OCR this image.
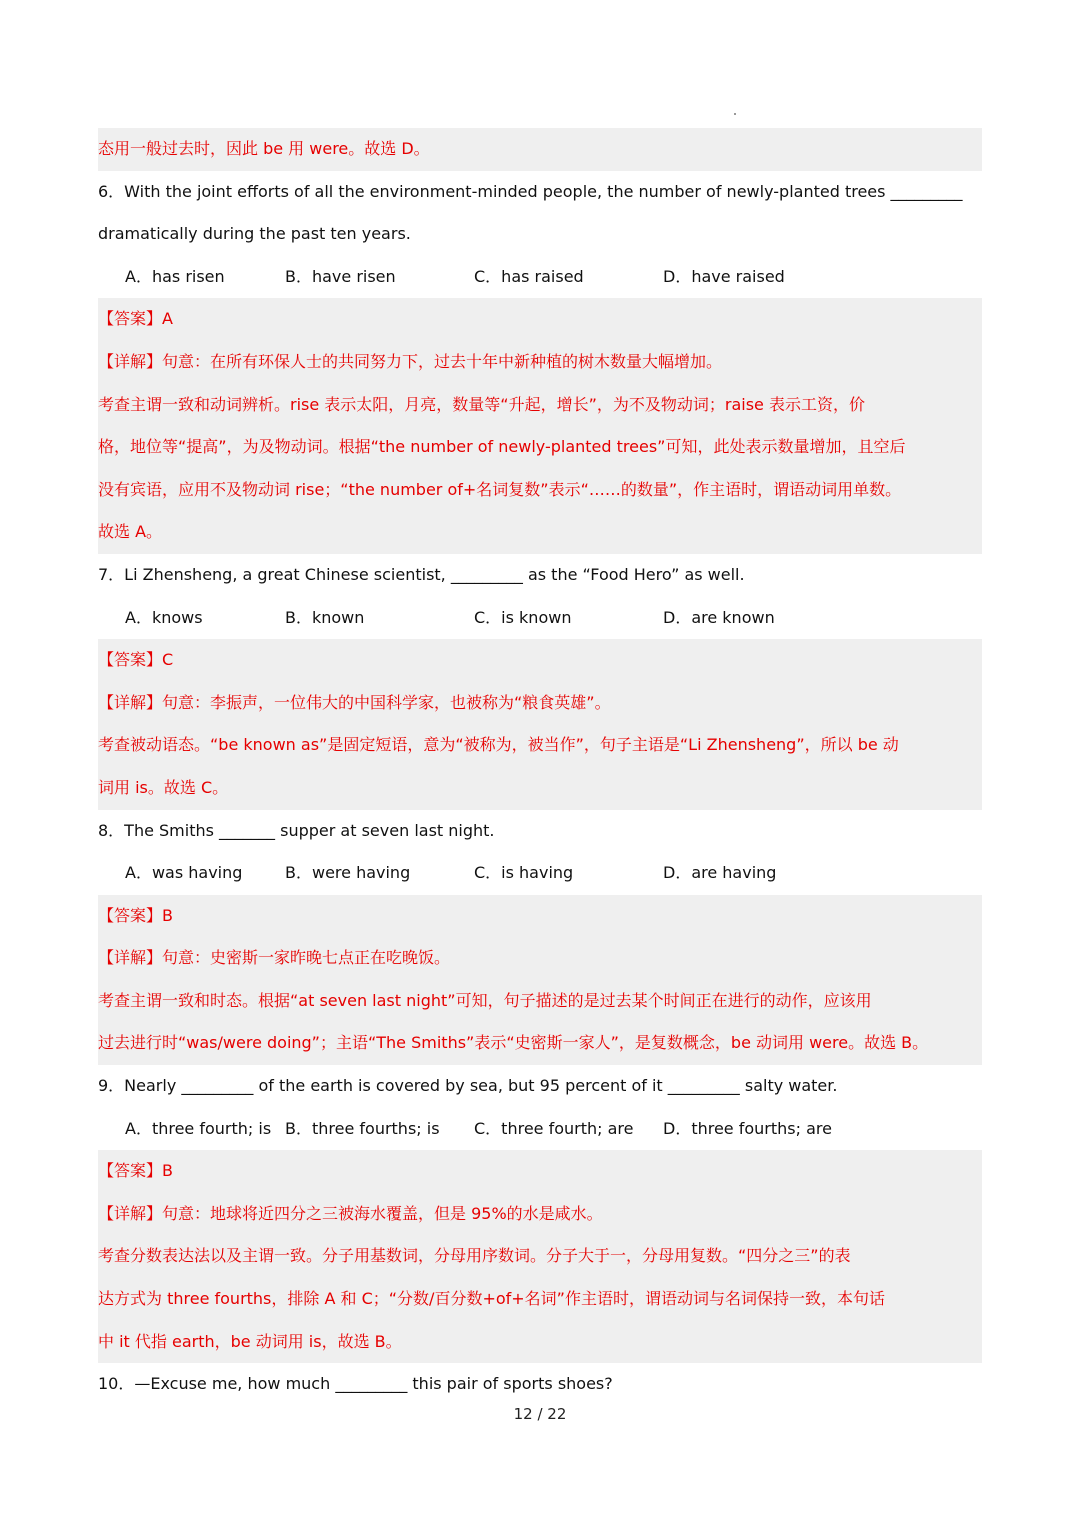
态用一般过去时，因此 be 用 were。故选 D。
6．With the joint efforts of all the environment-minded people, the number of newly-planted trees _________
dramatically during the past ten years.
A．has risen	B．have risen	C．has raised	D．have raised
【答案】A
【详解】句意：在所有环保人士的共同努力下，过去十年中新种植的树木数量大幅增加。
考查主谓一致和动词辨析。rise 表示太阳，月亮，数量等“升起，增长”，为不及物动词；raise 表示工资，价
格，地位等“提高”，为及物动词。根据“the number of newly-planted trees”可知，此处表示数量增加，且空后
没有宾语，应用不及物动词 rise；“the number of+名词复数”表示“……的数量”，作主语时，谓语动词用单数。
故选 A。
7．Li Zhensheng, a great Chinese scientist, _________ as the “Food Hero” as well.
A．knows	B．known	C．is known	D．are known
【答案】C
【详解】句意：李振声，一位伟大的中国科学家，也被称为“粮食英雄”。
考查被动语态。“be known as”是固定短语，意为“被称为，被当作”，句子主语是“Li Zhensheng”，所以 be 动
词用 is。故选 C。
8．The Smiths _______ supper at seven last night.
A．was having	B．were having	C．is having	D．are having
【答案】B
【详解】句意：史密斯一家昨晚七点正在吃晚饭。
考查主谓一致和时态。根据“at seven last night”可知，句子描述的是过去某个时间正在进行的动作，应该用
过去进行时“was/were doing”；主语“The Smiths”表示“史密斯一家人”，是复数概念，be 动词用 were。故选 B。
9．Nearly _________ of the earth is covered by sea, but 95 percent of it _________ salty water.
A．three fourth; is B．three fourths; is	C．three fourth; are	D．three fourths; are
【答案】B
【详解】句意：地球将近四分之三被海水覆盖，但是 95%的水是咸水。
考查分数表达法以及主谓一致。分子用基数词，分母用序数词。分子大于一，分母用复数。“四分之三”的表
达方式为 three fourths，排除 A 和 C；“分数/百分数+of+名词”作主语时，谓语动词与名词保持一致，本句话
中 it 代指 earth，be 动词用 is，故选 B。
10．—Excuse me, how much _________ this pair of sports shoes?
12 / 22
